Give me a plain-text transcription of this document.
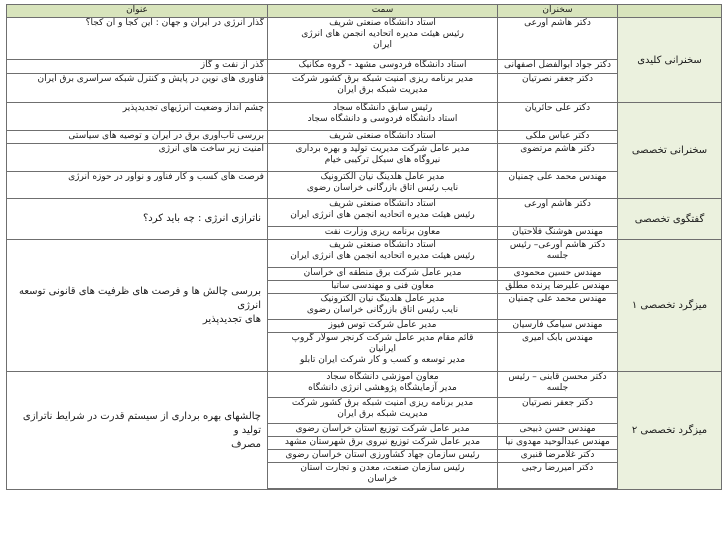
	سخنران	سمت	عنوان
سخنرانی کلیدی	دکتر هاشم اورعی	استاد دانشگاه صنعتی شریف
رئیس هیئت مدیره اتحادیه انجمن های انرژی
ایران	گذار انرژی در ایران و جهان : این کجا و آن کجا؟

	دکتر جواد ابوالفضل اصفهانی	استاد دانشگاه فردوسی مشهد - گروه مکانیک	گذر از نفت و گاز

	دکتر جعفر نصرتیان	مدیر برنامه ریزی امنیت شبکه برق کشور شرکت
مدیریت شبکه برق ایران	فناوری های نوین در پایش و کنترل شبکه سراسری برق ایران

سخنرانی تخصصی	دکتر علی حائریان	رئیس سابق دانشگاه سجاد
استاد دانشگاه فردوسی و دانشگاه سجاد	چشم انداز وضعیت انرژیهای تجدیدپذیر

	دکتر عباس ملکی	استاد دانشگاه صنعتی شریف	بررسی تاب‌آوری برق در ایران و توصیه های سیاستی

	دکتر هاشم مرتضوی	مدیر عامل شرکت مدیریت تولید و بهره برداری
نیروگاه های سیکل ترکیبی خیام	امنیت زیر ساخت های انرژی

	مهندس محمد علی چمنیان	مدیر عامل هلدینگ نیان الکترونیک
نایب رئیس اتاق بازرگانی خراسان رضوی	فرصت های کسب و کار فناور و نوآور در حوزه انرژی

گفتگوی تخصصی	دکتر هاشم اورعی	استاد دانشگاه صنعتی شریف
رئیس هیئت مدیره اتحادیه انجمن های انرژی ایران	ناترازی انرژی : چه باید کرد؟

	مهندس هوشنگ فلاحتیان	معاون برنامه ریزی وزارت نفت	

میزگرد تخصصی ۱	دکتر هاشم اورعی– رئیس جلسه	استاد دانشگاه صنعتی شریف
رئیس هیئت مدیره اتحادیه انجمن های انرژی ایران	بررسی چالش ها و فرصت های ظرفیت های قانونی توسعه انرژی
های تجدیدپذیر

	مهندس حسین محمودی	مدیر عامل شرکت برق منطقه ای خراسان	

	مهندس علیرضا پرنده مطلق	معاون فنی و مهندسی ساتبا	

	مهندس محمد علی چمنیان	مدیر عامل هلدینگ نیان الکترونیک
نایب رئیس اتاق بازرگانی خراسان رضوی	

	مهندس سیامک فارسیان	مدیر عامل شرکت توس فیوز	

	مهندس بابک امیری	قائم مقام مدیر عامل شرکت کرنجر سولار گروپ
ایرانیان
مدیر توسعه و کسب و کار شرکت ایران تابلو	

میزگرد تخصصی ۲	دکتر محسن قابنی – رئیس جلسه	معاون آموزشی دانشگاه سجاد
مدیر آزمایشگاه پژوهشی انرژی دانشگاه	چالشهای بهره برداری از سیستم قدرت در شرایط ناترازی تولید و
مصرف

	دکتر جعفر نصرتیان	مدیر برنامه ریزی امنیت شبکه برق کشور شرکت
مدیریت شبکه برق ایران	

	مهندس حسن ذبیحی	مدیر عامل شرکت توزیع استان خراسان رضوی	

	مهندس عبدالوحید مهدوی نیا	مدیر عامل شرکت توزیع نیروی برق شهرستان مشهد	

	دکتر غلامرضا قنبری	رئیس سازمان جهاد کشاورزی استان خراسان رضوی	

	دکتر امیررضا رجبی	رئیس سازمان صنعت، معدن و تجارت استان
خراسان	
